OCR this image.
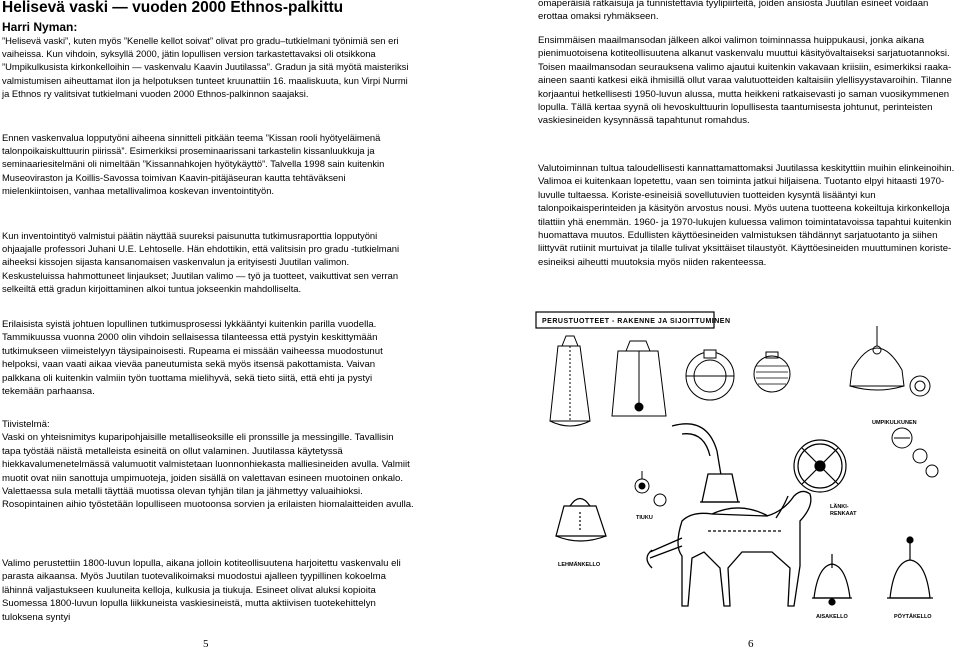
Helisevä vaski — vuoden 2000 Ethnos-palkittu
Harri Nyman:

”Helisevä vaski”, kuten myös ”Kenelle kellot soivat” olivat pro gradu–tutkielmani työnimiä sen eri vaiheissa. Kun vihdoin, syksyllä 2000, jätin lopullisen version tarkastettavaksi oli otsikkona ”Umpikulkusista kirkonkelloihin — vaskenvalu Kaavin Juutilassa”. Gradun ja sitä myötä maisteriksi valmistumisen aiheuttamat ilon ja helpotuksen tunteet kruunattiin 16. maaliskuuta, kun Virpi Nurmi ja Ethnos ry valitsivat tutkielmani vuoden 2000 Ethnos-palkinnon saajaksi.

Ennen vaskenvalua lopputyöni aiheena sinnitteli pitkään teema ”Kissan rooli hyötyeläimenä talonpoikaiskulttuurin piirissä”. Esimerkiksi proseminaarissani tarkastelin kissanluukkuja ja seminaariesitelmäni oli nimeltään ”Kissannahkojen hyötykäyttö”. Talvella 1998 sain kuitenkin Museoviraston ja Koillis-Savossa toimivan Kaavin-pitäjäseuran kautta tehtäväkseni mielenkiintoisen, vanhaa metallivalimoa koskevan inventointityön.

Kun inventointityö valmistui päätin näyttää suureksi paisunutta tutkimusraporttia lopputyöni ohjaajalle professori Juhani U.E. Lehtoselle. Hän ehdottikin, että valitsisin pro gradu -tutkielmani aiheeksi kissojen sijasta kansanomaisen vaskenvalun ja erityisesti Juutilan valimon. Keskusteluissa hahmottuneet linjaukset; Juutilan valimo — työ ja tuotteet, vaikuttivat sen verran selkeiltä että gradun kirjoittaminen alkoi tuntua jokseenkin mahdolliselta.

Erilaisista syistä johtuen lopullinen tutkimusprosessi lykkääntyi kuitenkin parilla vuodella. Tammikuussa vuonna 2000 olin vihdoin sellaisessa tilanteessa että pystyin keskittymään tutkimukseen viimeistelyyn täysipainoisesti. Rupeama ei missään vaiheessa muodostunut helpoksi, vaan vaati aikaa vieväa paneutumista sekä myös itsensä pakottamista. Vaivan palkkana oli kuitenkin valmiin työn tuottama mielihyvä, sekä tieto siitä, että ehti ja pystyi tekemään parhaansa.

Tiivistelmä:

Vaski on yhteisnimitys kuparipohjaisille metalliseoksille eli pronssille ja messingille. Tavallisin tapa työstää näistä metalleista esineitä on ollut valaminen. Juutilassa käytetyssä hiekkavalumenetelmässä valumuotit valmistetaan luonnonhiekasta malliesineiden avulla. Valmiit muotit ovat niin sanottuja umpimuoteja, joiden sisällä on valettavan esineen muotoinen onkalo. Valettaessa sula metalli täyttää muotissa olevan tyhjän tilan ja jähmettyy valuaihioksi. Rosopintainen aihio työstetään lopulliseen muotoonsa sorvien ja erilaisten hiomalaitteiden avulla.

Valimo perustettiin 1800-luvun lopulla, aikana jolloin kotiteollisuutena harjoitettu vaskenvalu eli parasta aikaansa. Myös Juutilan tuotevalikoimaksi muodostui ajalleen tyypillinen kokoelma lähinnä valjastukseen kuuluneita kelloja, kulkusia ja tiukuja. Esineet olivat aluksi kopioita Suomessa 1800-luvun lopulla liikkuneista vaskiesineistä, mutta aktiivisen tuotekehittelyn tuloksena syntyi

5

omaperäisiä ratkaisuja ja tunnistettavia tyylipiirteitä, joiden ansiosta Juutilan esineet voidaan erottaa omaksi ryhmäkseen.

Ensimmäisen maailmansodan jälkeen alkoi valimon toiminnassa huippukausi, jonka aikana pienimuotoisena kotiteollisuutena alkanut vaskenvalu muuttui käsityövaltaiseksi sarjatuotannoksi. Toisen maailmansodan seurauksena valimo ajautui kuitenkin vakavaan kriisiin, esimerkiksi raaka-aineen saanti katkesi eikä ihmisillä ollut varaa valutuotteiden kaltaisiin ylellisyystavaroihin. Tilanne korjaantui hetkellisesti 1950-luvun alussa, mutta heikkeni ratkaisevasti jo saman vuosikymmenen lopulla. Tällä kertaa syynä oli hevoskulttuurin lopullisesta taantumisesta johtunut, perinteisten vaskiesineiden kysynnässä tapahtunut romahdus.

Valutoiminnan tultua taloudellisesti kannattamattomaksi Juutilassa keskityttiin muihin elinkeinoihin. Valimoa ei kuitenkaan lopetettu, vaan sen toiminta jatkui hiljaisena. Tuotanto elpyi hitaasti 1970-luvulle tultaessa. Koriste-esineisiä sovellutuvien tuotteiden kysyntä lisääntyi kun talonpoikaisperinteiden ja käsityön arvostus nousi. Myös uutena tuotteena kokeiltuja kirkonkelloja tilattiin yhä enemmän. 1960- ja 1970-lukujen kuluessa valimon toimintatavoissa tapahtui kuitenkin huomattava muutos. Edullisten käyttöesineiden valmistuksen tähdännyt sarjatuotanto ja siihen liittyvät rutiinit murtuivat ja tilalle tulivat yksittäiset tilaustyöt. Käyttöesineiden muuttuminen koriste-esineiksi aiheutti muutoksia myös niiden rakenteessa.

PERUSTUOTTEET - RAKENNE JA SIJOITTUMINEN
LÄNKI-
RENKAAT
UMPIKULKUNEN
LEHMÄNKELLO
TIUKU
AISAKELLO	PÖYTÄKELLO
6
